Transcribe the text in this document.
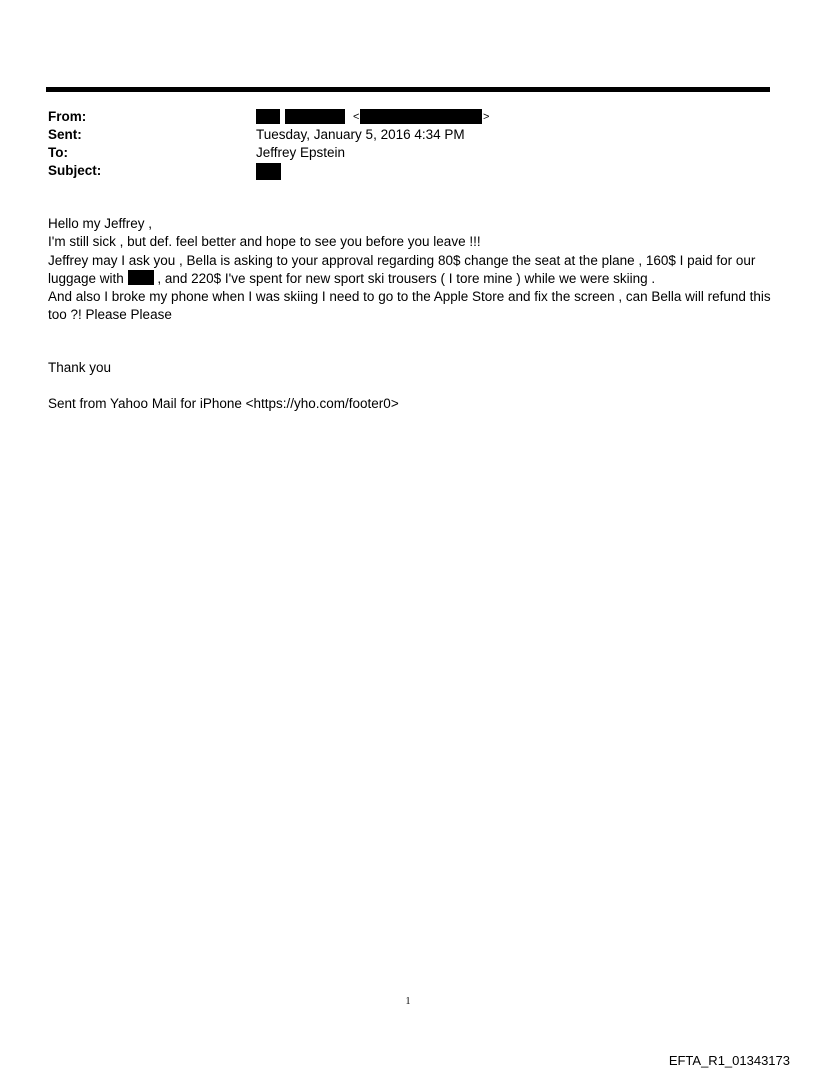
From:	<	>
Sent:	Tuesday, January 5, 2016 4:34 PM
To:	Jeffrey Epstein
Subject:
Hello my Jeffrey ,
I'm still sick , but def. feel better and hope to see you before you leave !!!
Jeffrey may I ask you , Bella is asking to your approval regarding 80$ change the seat at the plane , 160$ I paid for our
luggage with  , and 220$ I've spent for new sport ski trousers ( I tore mine ) while we were skiing .
And also I broke my phone when I was skiing I need to go to the Apple Store and fix the screen , can Bella will refund this
too ?! Please Please
Thank you
Sent from Yahoo Mail for iPhone <https://yho.com/footer0>
1
EFTA_R1_01343173
